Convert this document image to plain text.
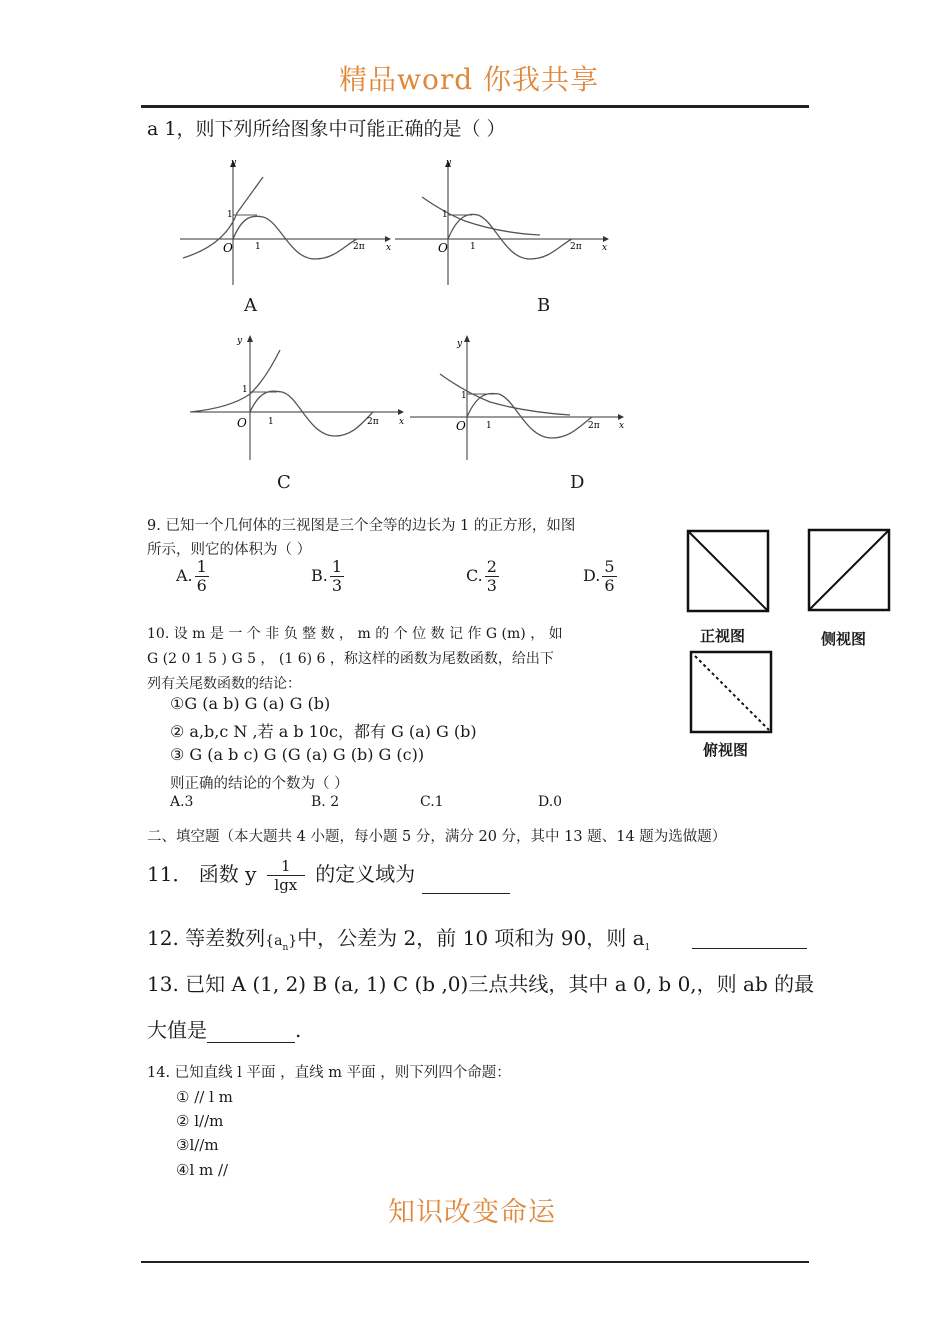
精品word 你我共享
a 1，则下列所给图象中可能正确的是（ ）
y
x
O 1
1
2π
A
y
x
O 1
1
2π
B
y
x
O 1
1
2π
C
y
x
O 1
1
2π
D
9. 已知一个几何体的三视图是三个全等的边长为 1 的正方形，如图
所示，则它的体积为（ ）
A. $\frac{1}{6}$	B. $\frac{1}{3}$	C. $\frac{2}{3}$	D. $\frac{5}{6}$
正视图	侧视图
俯视图
10. 设 m 是 一 个 非 负 整 数 ， m 的 个 位 数 记 作 G (m) ， 如
G (2 0 1 5 ) G 5 ， (1 6) 6 ，称这样的函数为尾数函数，给出下
列有关尾数函数的结论：
①G (a b) G (a) G (b)
② a,b,c N ,若 a b 10c，都有 G (a) G (b)
③ G (a b c) G (G (a) G (b) G (c))
则正确的结论的个数为（ ）
A.3	B. 2	C.1	D.0
二、填空题（本大题共 4 小题，每小题 5 分，满分 20 分，其中 13 题、14 题为选做题）
11． 函数 y $\frac{1}{\lg x}$ 的定义域为
12. 等差数列$\{a_n\}$中，公差为 2，前 10 项和为 90，则 $a_1$
13. 已知 A (1, 2) B (a, 1) C (b ,0)三点共线，其中 a 0, b 0,，则 ab 的最
大值是	.
14. 已知直线 l 平面 ，直线 m 平面 ，则下列四个命题：
① // l m
② l//m
③l//m
④l m //
知识改变命运
